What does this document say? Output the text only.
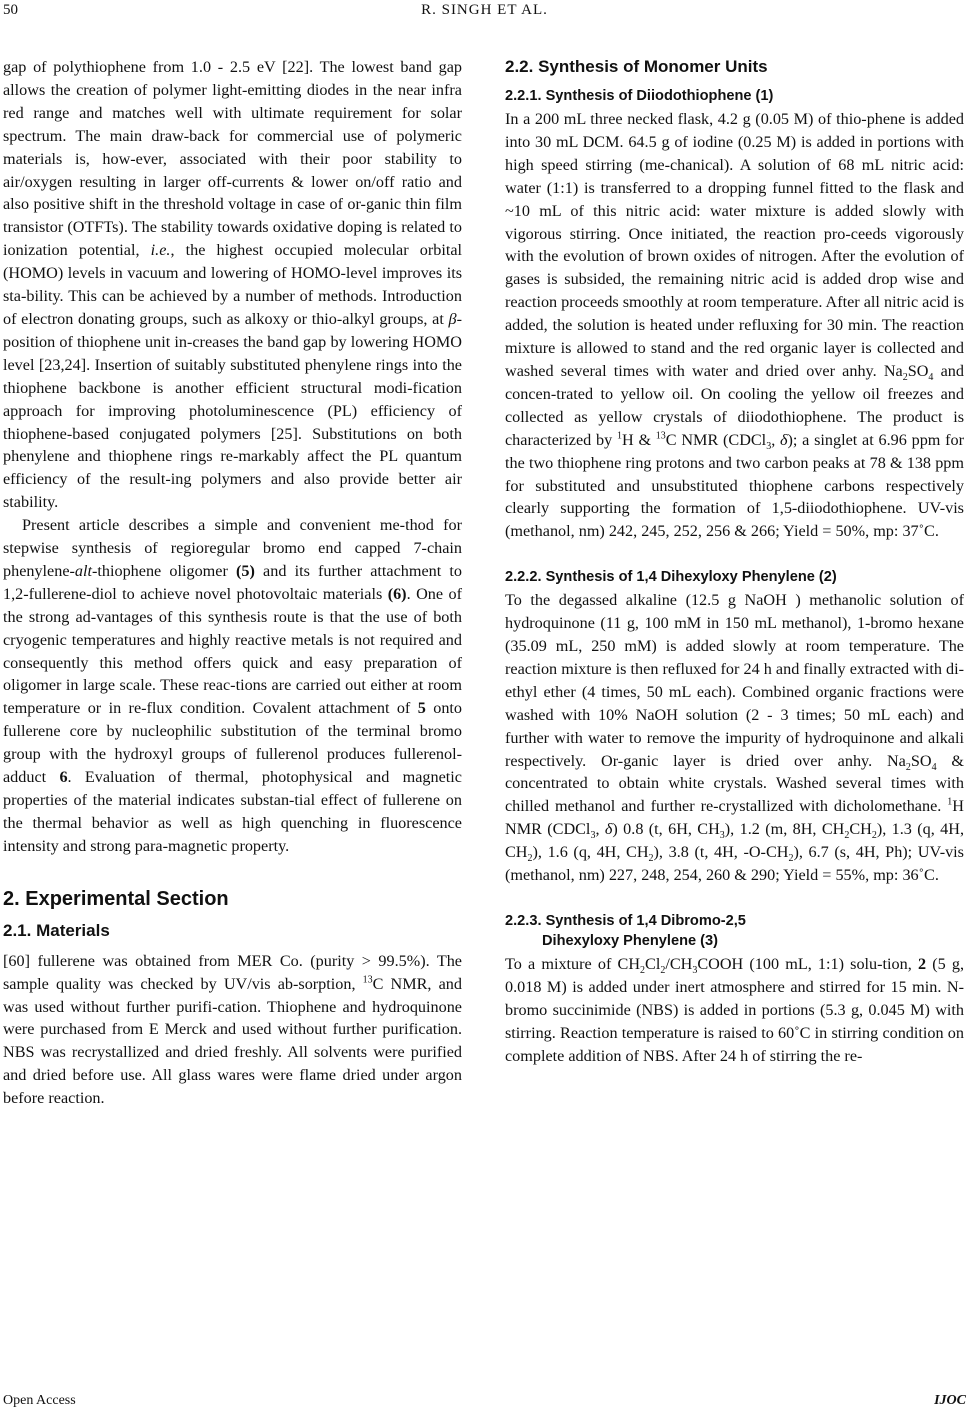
50	R. SINGH ET AL.

gap of polythiophene from 1.0 - 2.5 eV [22]. The lowest band gap allows the creation of polymer light-emitting diodes in the near infra red range and matches well with ultimate requirement for solar spectrum. The main draw-back for commercial use of polymeric materials is, how-ever, associated with their poor stability to air/oxygen resulting in larger off-currents & lower on/off ratio and also positive shift in the threshold voltage in case of or-ganic thin film transistor (OTFTs). The stability towards oxidative doping is related to ionization potential, i.e., the highest occupied molecular orbital (HOMO) levels in vacuum and lowering of HOMO-level improves its sta-bility. This can be achieved by a number of methods. Introduction of electron donating groups, such as alkoxy or thio-alkyl groups, at β-position of thiophene unit in-creases the band gap by lowering HOMO level [23,24]. Insertion of suitably substituted phenylene rings into the thiophene backbone is another efficient structural modi-fication approach for improving photoluminescence (PL) efficiency of thiophene-based conjugated polymers [25]. Substitutions on both phenylene and thiophene rings re-markably affect the PL quantum efficiency of the result-ing polymers and also provide better air stability.

Present article describes a simple and convenient me-thod for stepwise synthesis of regioregular bromo end capped 7-chain phenylene-alt-thiophene oligomer (5) and its further attachment to 1,2-fullerene-diol to achieve novel photovoltaic materials (6). One of the strong ad-vantages of this synthesis route is that the use of both cryogenic temperatures and highly reactive metals is not required and consequently this method offers quick and easy preparation of oligomer in large scale. These reac-tions are carried out either at room temperature or in re-flux condition. Covalent attachment of 5 onto fullerene core by nucleophilic substitution of the terminal bromo group with the hydroxyl groups of fullerenol produces fullerenol-adduct 6. Evaluation of thermal, photophysical and magnetic properties of the material indicates substan-tial effect of fullerene on the thermal behavior as well as high quenching in fluorescence intensity and strong para-magnetic property.

2. Experimental Section
2.1. Materials

[60] fullerene was obtained from MER Co. (purity > 99.5%). The sample quality was checked by UV/vis ab-sorption, $^{13}$C NMR, and was used without further purifi-cation. Thiophene and hydroquinone were purchased from E Merck and used without further purification. NBS was recrystallized and dried freshly. All solvents were purified and dried before use. All glass wares were flame dried under argon before reaction.

2.2. Synthesis of Monomer Units
2.2.1. Synthesis of Diiodothiophene (1)

In a 200 mL three necked flask, 4.2 g (0.05 M) of thio-phene is added into 30 mL DCM. 64.5 g of iodine (0.25 M) is added in portions with high speed stirring (me-chanical). A solution of 68 mL nitric acid: water (1:1) is transferred to a dropping funnel fitted to the flask and ~10 mL of this nitric acid: water mixture is added slowly with vigorous stirring. Once initiated, the reaction pro-ceeds vigorously with the evolution of brown oxides of nitrogen. After the evolution of gases is subsided, the remaining nitric acid is added drop wise and reaction proceeds smoothly at room temperature. After all nitric acid is added, the solution is heated under refluxing for 30 min. The reaction mixture is allowed to stand and the red organic layer is collected and washed several times with water and dried over anhy. $Na_2SO_4$ and concen-trated to yellow oil. On cooling the yellow oil freezes and collected as yellow crystals of diiodothiophene. The product is characterized by $^1$H & $^{13}$C NMR (CDCl$_3$, δ); a singlet at 6.96 ppm for the two thiophene ring protons and two carbon peaks at 78 & 138 ppm for substituted and unsubstituted thiophene carbons respectively clearly supporting the formation of 1,5-diiodothiophene. UV-vis (methanol, nm) 242, 245, 252, 256 & 266; Yield = 50%, mp: 37˚C.

2.2.2. Synthesis of 1,4 Dihexyloxy Phenylene (2)

To the degassed alkaline (12.5 g NaOH ) methanolic solution of hydroquinone (11 g, 100 mM in 150 mL methanol), 1-bromo hexane (35.09 mL, 250 mM) is added slowly at room temperature. The reaction mixture is then refluxed for 24 h and finally extracted with di-ethyl ether (4 times, 50 mL each). Combined organic fractions were washed with 10% NaOH solution (2 - 3 times; 50 mL each) and further with water to remove the impurity of hydroquinone and alkali respectively. Or-ganic layer is dried over anhy. $Na_2SO_4$ & concentrated to obtain white crystals. Washed several times with chilled methanol and further re-crystallized with dicholomethane. $^1$H NMR (CDCl$_3$, δ) 0.8 (t, 6H, $CH_3$), 1.2 (m, 8H, $CH_2CH_2$), 1.3 (q, 4H, $CH_2$), 1.6 (q, 4H, $CH_2$), 3.8 (t, 4H, $-O-CH_2$), 6.7 (s, 4H, Ph); UV-vis (methanol, nm) 227, 248, 254, 260 & 290; Yield = 55%, mp: 36˚C.

2.2.3. Synthesis of 1,4 Dibromo-2,5
Dihexyloxy Phenylene (3)

To a mixture of $CH_2Cl_2/CH_3COOH$ (100 mL, 1:1) solu-tion, 2 (5 g, 0.018 M) is added under inert atmosphere and stirred for 15 min. N-bromo succinimide (NBS) is added in portions (5.3 g, 0.045 M) with stirring. Reaction temperature is raised to 60˚C in stirring condition on complete addition of NBS. After 24 h of stirring the re-

Open Access	IJOC
